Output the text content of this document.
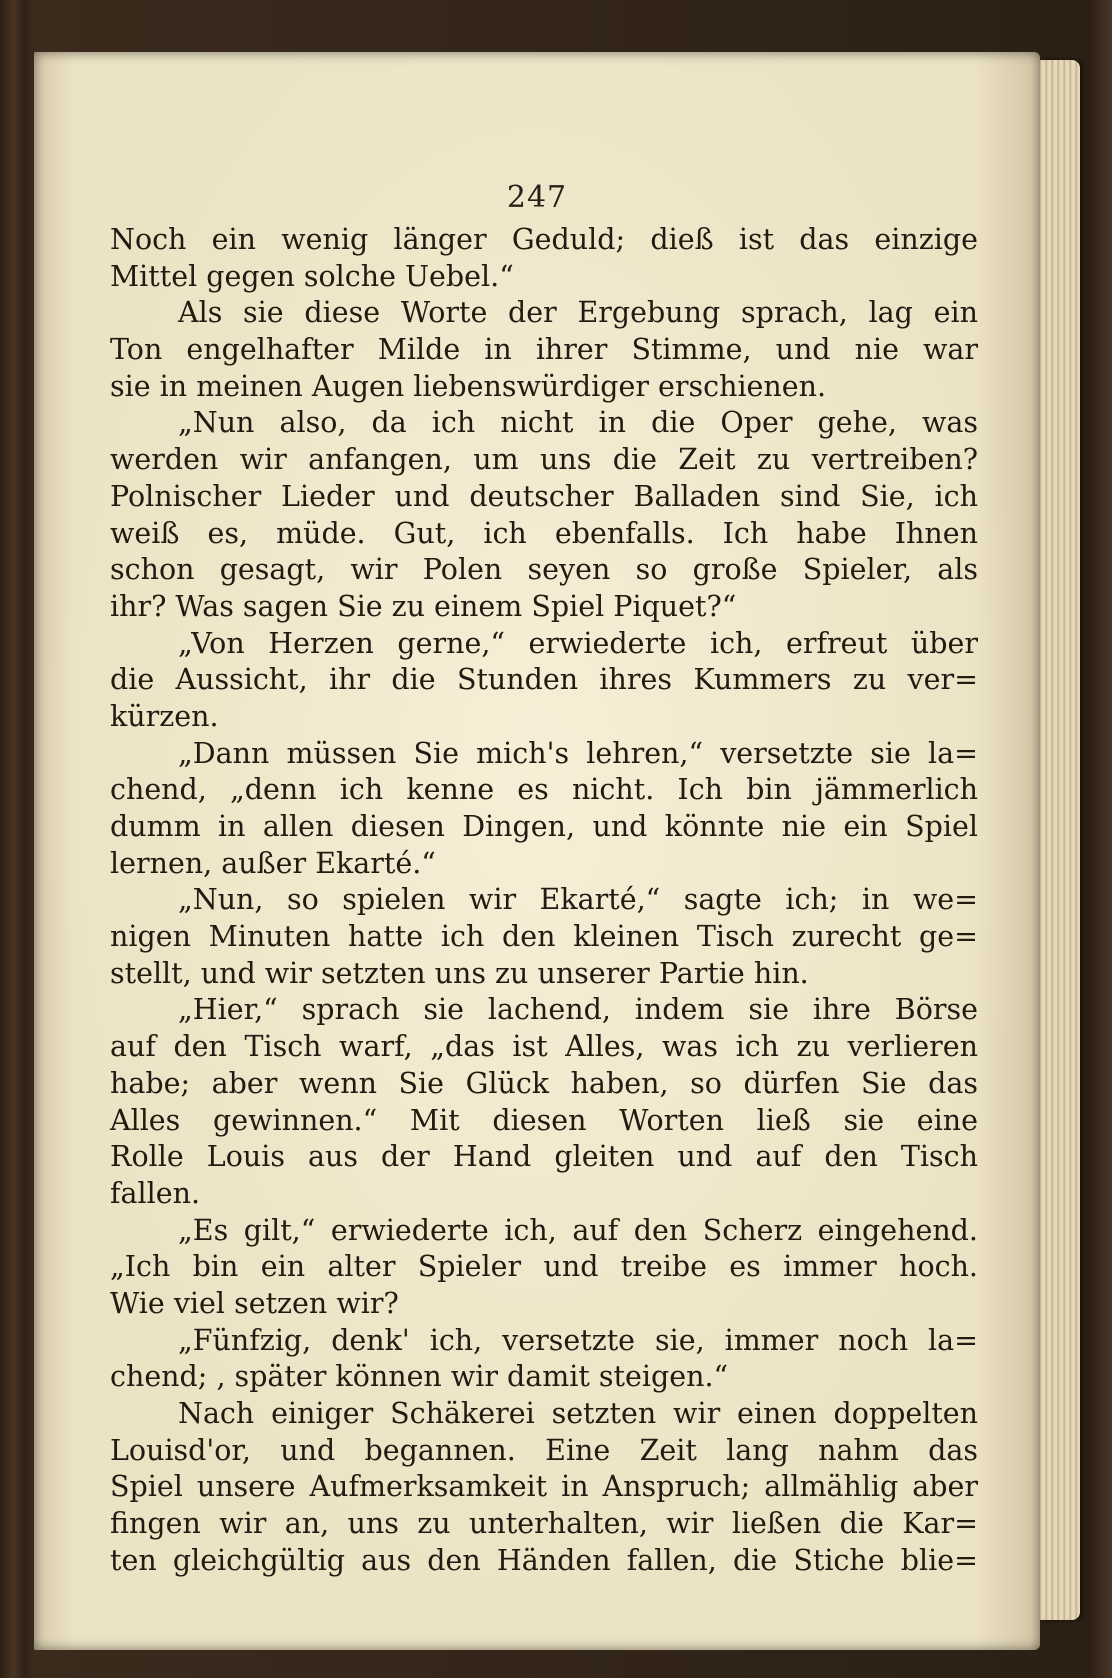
247
Noch ein wenig länger Geduld; dieß ist das einzige
Mittel gegen solche Uebel.“
Als sie diese Worte der Ergebung sprach, lag ein
Ton engelhafter Milde in ihrer Stimme, und nie war
sie in meinen Augen liebenswürdiger erschienen.
„Nun also, da ich nicht in die Oper gehe, was
werden wir anfangen, um uns die Zeit zu vertreiben?
Polnischer Lieder und deutscher Balladen sind Sie, ich
weiß es, müde. Gut, ich ebenfalls. Ich habe Ihnen
schon gesagt, wir Polen seyen so große Spieler, als
ihr? Was sagen Sie zu einem Spiel Piquet?“
„Von Herzen gerne,“ erwiederte ich, erfreut über
die Aussicht, ihr die Stunden ihres Kummers zu ver=
kürzen.
„Dann müssen Sie mich's lehren,“ versetzte sie la=
chend, „denn ich kenne es nicht. Ich bin jämmerlich
dumm in allen diesen Dingen, und könnte nie ein Spiel
lernen, außer Ekarté.“
„Nun, so spielen wir Ekarté,“ sagte ich; in we=
nigen Minuten hatte ich den kleinen Tisch zurecht ge=
stellt, und wir setzten uns zu unserer Partie hin.
„Hier,“ sprach sie lachend, indem sie ihre Börse
auf den Tisch warf, „das ist Alles, was ich zu verlieren
habe; aber wenn Sie Glück haben, so dürfen Sie das
Alles gewinnen.“ Mit diesen Worten ließ sie eine
Rolle Louis aus der Hand gleiten und auf den Tisch
fallen.
„Es gilt,“ erwiederte ich, auf den Scherz eingehend.
„Ich bin ein alter Spieler und treibe es immer hoch.
Wie viel setzen wir?
„Fünfzig, denk' ich, versetzte sie, immer noch la=
chend; , später können wir damit steigen.“
Nach einiger Schäkerei setzten wir einen doppelten
Louisd'or, und begannen. Eine Zeit lang nahm das
Spiel unsere Aufmerksamkeit in Anspruch; allmählig aber
fingen wir an, uns zu unterhalten, wir ließen die Kar=
ten gleichgültig aus den Händen fallen, die Stiche blie=
